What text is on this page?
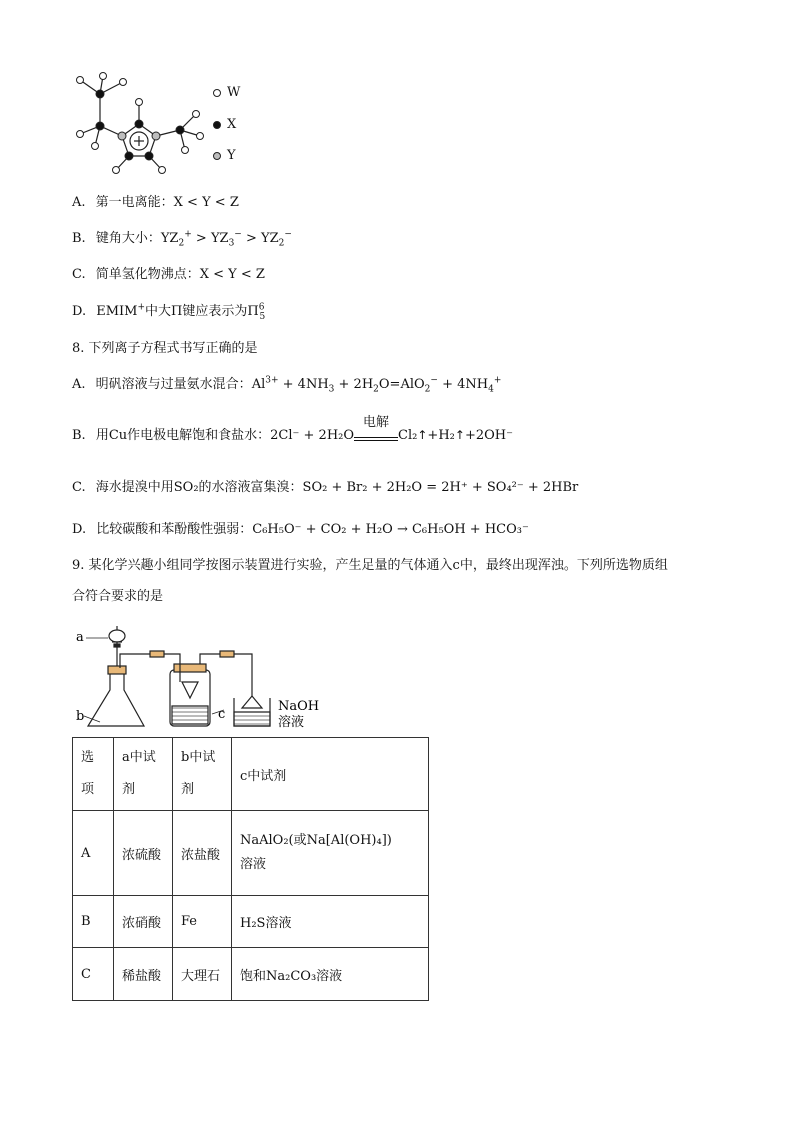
W
X
Y
A. 第一电离能：X < Y < Z
B. 键角大小：$YZ_2^+ > YZ_3^- > YZ_2^-$
C. 简单氢化物沸点：X < Y < Z
D. EMIM+中大Π键应表示为$\Pi^6_5$
8. 下列离子方程式书写正确的是
A. 明矾溶液与过量氨水混合：$Al^{3+} + 4NH_3 + 2H_2O=AlO_2^- + 4NH_4^+$
B. 用Cu作电极电解饱和食盐水：2Cl⁻ + 2H₂O
电解
Cl₂↑+H₂↑+2OH⁻
C. 海水提溴中用SO₂的水溶液富集溴：SO₂ + Br₂ + 2H₂O = 2H⁺ + SO₄²⁻ + 2HBr
D. 比较碳酸和苯酚酸性强弱：C₆H₅O⁻ + CO₂ + H₂O → C₆H₅OH + HCO₃⁻
9. 某化学兴趣小组同学按图示装置进行实验，产生足量的气体通入c中，最终出现浑浊。下列所选物质组
合符合要求的是
a
b	c
NaOH
溶液
选项	a中试剂	b中试剂	c中试剂
A	浓硫酸	浓盐酸	NaAlO₂(或Na[Al(OH)₄])
溶液

B	浓硝酸	Fe	H₂S溶液
C	稀盐酸	大理石	饱和Na₂CO₃溶液
